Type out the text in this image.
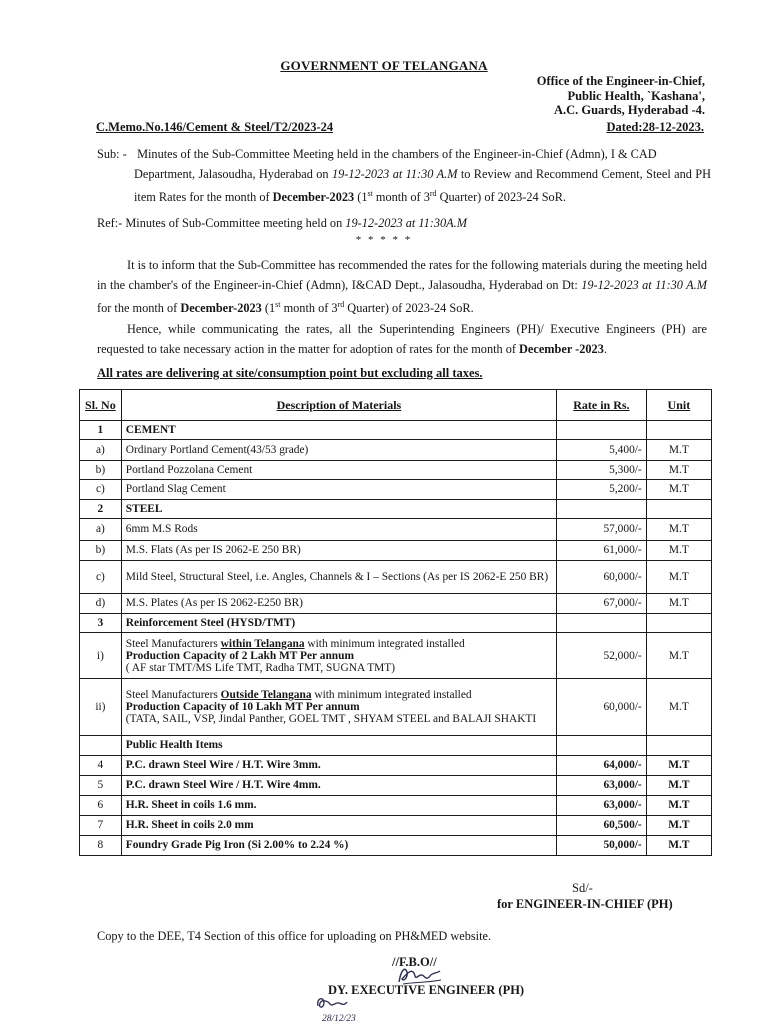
GOVERNMENT OF TELANGANA
Office of the Engineer-in-Chief,
Public Health, `Kashana',
A.C. Guards, Hyderabad -4.
C.Memo.No.146/Cement & Steel/T2/2023-24	Dated:28-12-2023.
Sub: - Minutes of the Sub-Committee Meeting held in the chambers of the Engineer-in-Chief (Admn), I & CAD
Department, Jalasoudha, Hyderabad on 19-12-2023 at 11:30 A.M to Review and Recommend Cement, Steel and PH item Rates for the month of December-2023 (1st month of 3rd Quarter) of 2023-24 SoR.
Ref:- Minutes of Sub-Committee meeting held on 19-12-2023 at 11:30A.M
* * * * *
It is to inform that the Sub-Committee has recommended the rates for the following materials during the meeting held in the chamber's of the Engineer-in-Chief (Admn), I&CAD Dept., Jalasoudha, Hyderabad on Dt: 19-12-2023 at 11:30 A.M for the month of December-2023 (1st month of 3rd Quarter) of 2023-24 SoR.
Hence, while communicating the rates, all the Superintending Engineers (PH)/ Executive Engineers (PH) are requested to take necessary action in the matter for adoption of rates for the month of December -2023.
All rates are delivering at site/consumption point but excluding all taxes.
Sl. No	Description of Materials	Rate in Rs.	Unit
1	CEMENT		
a)	Ordinary Portland Cement(43/53 grade)	5,400/-	M.T
b)	Portland Pozzolana Cement	5,300/-	M.T
c)	Portland Slag Cement	5,200/-	M.T
2	STEEL		
a)	6mm M.S Rods	57,000/-	M.T
b)	M.S. Flats (As per IS 2062-E 250 BR)	61,000/-	M.T
c)	Mild Steel, Structural Steel, i.e. Angles, Channels & I – Sections (As per IS 2062-E 250 BR)	60,000/-	M.T
d)	M.S. Plates (As per IS 2062-E250 BR)	67,000/-	M.T
3	Reinforcement Steel (HYSD/TMT)		
i)	Steel Manufacturers within Telangana with minimum integrated installed
Production Capacity of 2 Lakh MT Per annum
( AF star TMT/MS Life TMT, Radha TMT, SUGNA TMT)	52,000/-	M.T
ii)	Steel Manufacturers Outside Telangana with minimum integrated installed
Production Capacity of 10 Lakh MT Per annum
(TATA, SAIL, VSP, Jindal Panther, GOEL TMT , SHYAM STEEL and BALAJI SHAKTI	60,000/-	M.T
	Public Health Items		
4	P.C. drawn Steel Wire / H.T. Wire 3mm.	64,000/-	M.T
5	P.C. drawn Steel Wire / H.T. Wire 4mm.	63,000/-	M.T
6	H.R. Sheet in coils 1.6 mm.	63,000/-	M.T
7	H.R. Sheet in coils 2.0 mm	60,500/-	M.T
8	Foundry Grade Pig Iron (Si 2.00% to 2.24 %)	50,000/-	M.T
Sd/-
for ENGINEER-IN-CHIEF (PH)
Copy to the DEE, T4 Section of this office for uploading on PH&MED website.
//F.B.O//
DY. EXECUTIVE ENGINEER (PH)
28/12/23
